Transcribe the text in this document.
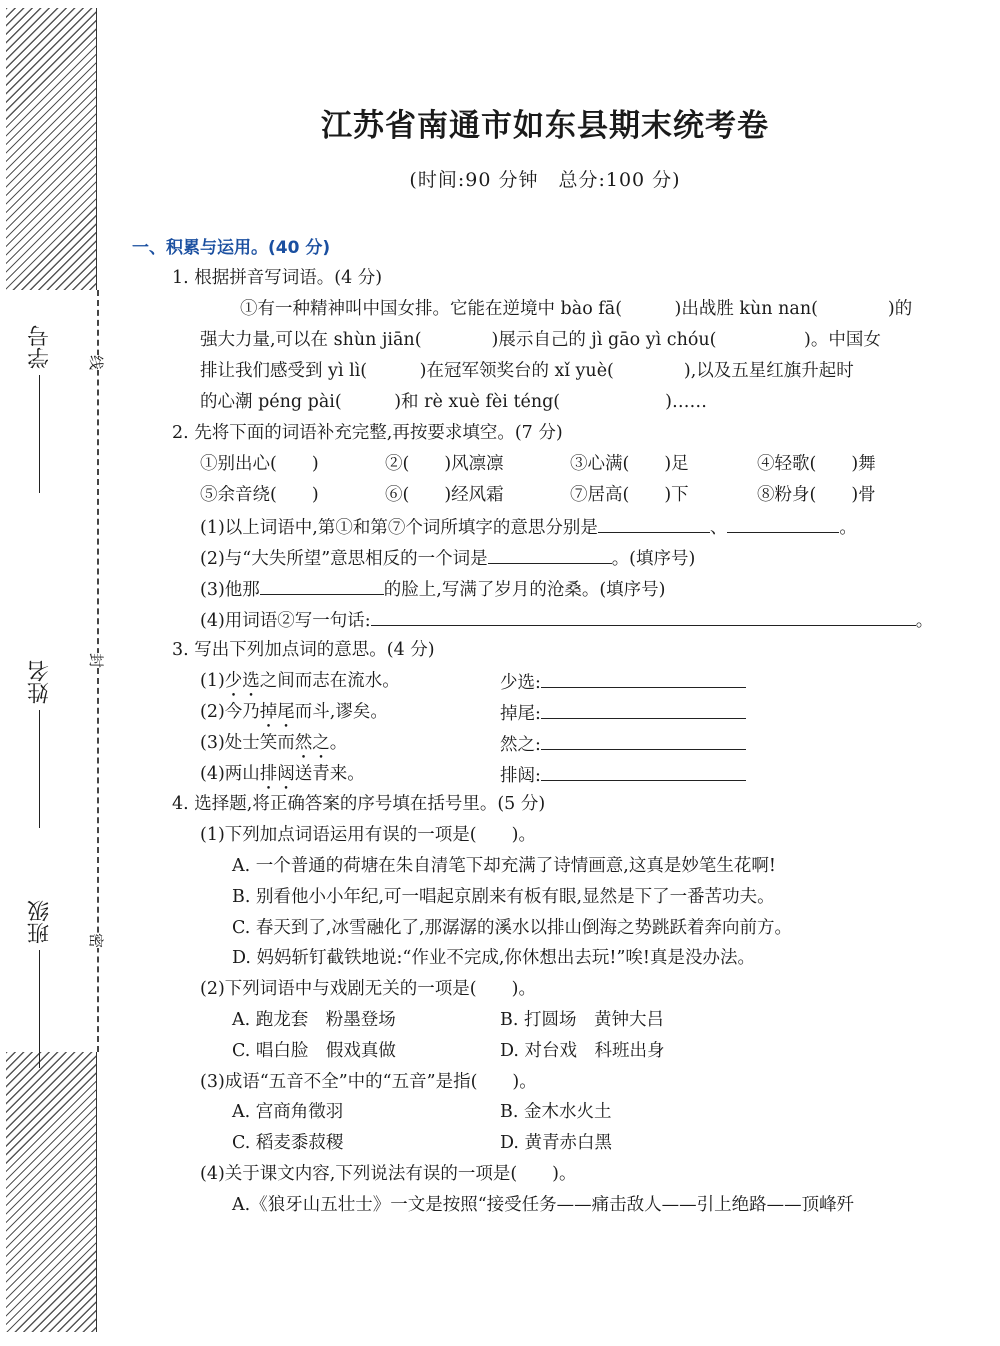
学号
姓名
班级
线
封
密
江苏省南通市如东县期末统考卷
(时间:90 分钟　总分:100 分)
一、积累与运用。(40 分)
1. 根据拼音写词语。(4 分)
①有一种精神叫中国女排。它能在逆境中 bào fā(　　　)出战胜 kùn nan(　　　　)的
强大力量,可以在 shùn jiān(　　　　)展示自己的 jì gāo yì chóu(　　　　　)。中国女
排让我们感受到 yì lì(　　　)在冠军领奖台的 xǐ yuè(　　　　),以及五星红旗升起时
的心潮 péng pài(　　　)和 rè xuè fèi téng(　　　　　　)……
2. 先将下面的词语补充完整,再按要求填空。(7 分)
①别出心(　　)	②(　　)风凛凛	③心满(　　)足	④轻歌(　　)舞
⑤余音绕(　　)	⑥(　　)经风霜	⑦居高(　　)下	⑧粉身(　　)骨
(1)以上词语中,第①和第⑦个词所填字的意思分别是	、	。
(2)与“大失所望”意思相反的一个词是	。(填序号)
(3)他那	的脸上,写满了岁月的沧桑。(填序号)
(4)用词语②写一句话:	。
3. 写出下列加点词的意思。(4 分)
(1)少选之间而志在流水。	少选:
(2)今乃掉尾而斗,谬矣。	掉尾:
(3)处士笑而然之。	然之:
(4)两山排闼送青来。	排闼:
4. 选择题,将正确答案的序号填在括号里。(5 分)
(1)下列加点词语运用有误的一项是(　　)。
A. 一个普通的荷塘在朱自清笔下却充满了诗情画意,这真是妙笔生花啊!
B. 别看他小小年纪,可一唱起京剧来有板有眼,显然是下了一番苦功夫。
C. 春天到了,冰雪融化了,那潺潺的溪水以排山倒海之势跳跃着奔向前方。
D. 妈妈斩钉截铁地说:“作业不完成,你休想出去玩!”唉!真是没办法。
(2)下列词语中与戏剧无关的一项是(　　)。
A. 跑龙套　粉墨登场	B. 打圆场　黄钟大吕
C. 唱白脸　假戏真做	D. 对台戏　科班出身
(3)成语“五音不全”中的“五音”是指(　　)。
A. 宫商角徵羽	B. 金木水火土
C. 稻麦黍菽稷	D. 黄青赤白黑
(4)关于课文内容,下列说法有误的一项是(　　)。
A.《狼牙山五壮士》一文是按照“接受任务——痛击敌人——引上绝路——顶峰歼
